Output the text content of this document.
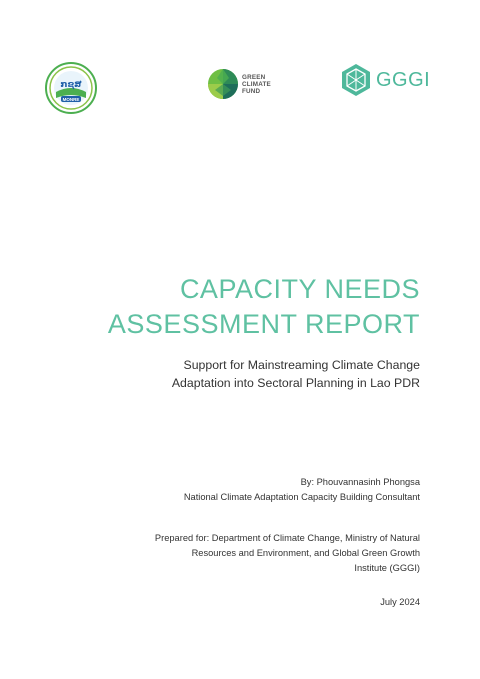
MONRE
ກຊສ
GREEN
CLIMATE
FUND
GGGI
CAPACITY NEEDS
ASSESSMENT REPORT
Support for Mainstreaming Climate Change
Adaptation into Sectoral Planning in Lao PDR
By: Phouvannasinh Phongsa
National Climate Adaptation Capacity Building Consultant
Prepared for: Department of Climate Change, Ministry of Natural
Resources and Environment, and Global Green Growth
Institute (GGGI)
July 2024
